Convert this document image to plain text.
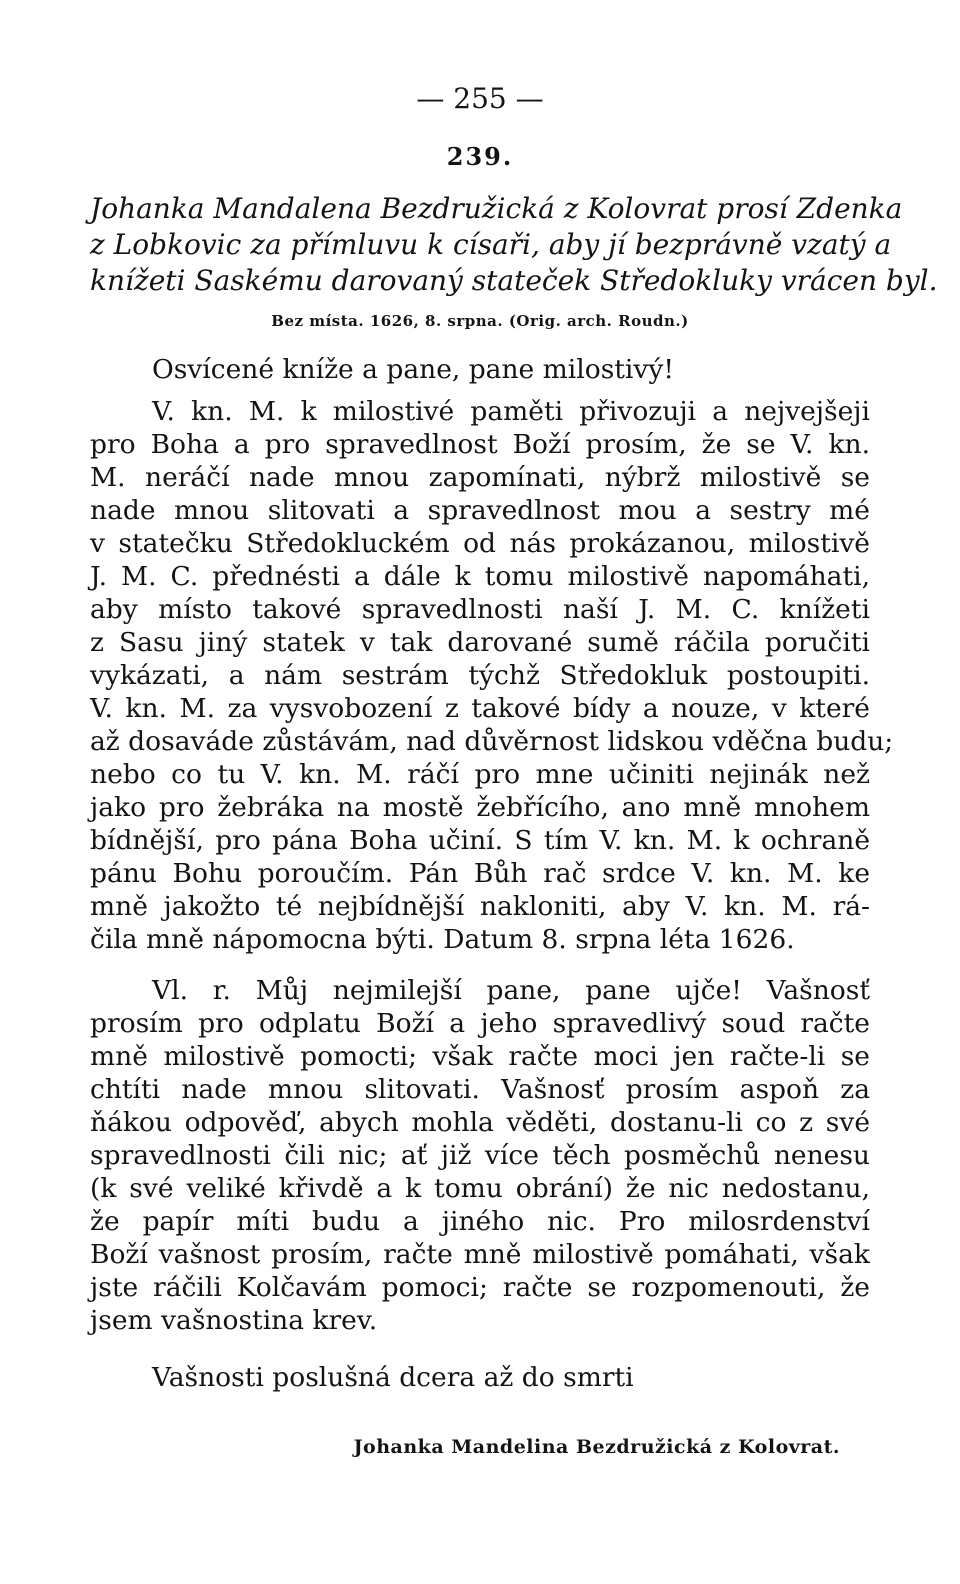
— 255 —
239.
Johanka Mandalena Bezdružická z Kolovrat prosí Zdenka
z Lobkovic za přímluvu k císaři, aby jí bezprávně vzatý a
knížeti Saskému darovaný stateček Středokluky vrácen byl.
Bez místa. 1626, 8. srpna. (Orig. arch. Roudn.)
Osvícené kníže a pane, pane milostivý!
V. kn. M. k milostivé paměti přivozuji a nejvejšeji
pro Boha a pro spravedlnost Boží prosím, že se V. kn.
M. neráčí nade mnou zapomínati, nýbrž milostivě se
nade mnou slitovati a spravedlnost mou a sestry mé
v statečku Středokluckém od nás prokázanou, milostivě
J. M. C. přednésti a dále k tomu milostivě napomáhati,
aby místo takové spravedlnosti naší J. M. C. knížeti
z Sasu jiný statek v tak darované sumě ráčila poručiti
vykázati, a nám sestrám týchž Středokluk postoupiti.
V. kn. M. za vysvobození z takové bídy a nouze, v které
až dosaváde zůstávám, nad důvěrnost lidskou vděčna budu;
nebo co tu V. kn. M. ráčí pro mne učiniti nejinák než
jako pro žebráka na mostě žebřícího, ano mně mnohem
bídnější, pro pána Boha učiní. S tím V. kn. M. k ochraně
pánu Bohu poroučím. Pán Bůh rač srdce V. kn. M. ke
mně jakožto té nejbídnější nakloniti, aby V. kn. M. rá-
čila mně nápomocna býti. Datum 8. srpna léta 1626.
Vl. r. Můj nejmilejší pane, pane ujče! Vašnosť
prosím pro odplatu Boží a jeho spravedlivý soud račte
mně milostivě pomocti; však račte moci jen račte-li se
chtíti nade mnou slitovati. Vašnosť prosím aspoň za
ňákou odpověď, abych mohla věděti, dostanu-li co z své
spravedlnosti čili nic; ať již více těch posměchů nenesu
(k své veliké křivdě a k tomu obrání) že nic nedostanu,
že papír míti budu a jiného nic. Pro milosrdenství
Boží vašnost prosím, račte mně milostivě pomáhati, však
jste ráčili Kolčavám pomoci; račte se rozpomenouti, že
jsem vašnostina krev.
Vašnosti poslušná dcera až do smrti
Johanka Mandelina Bezdružická z Kolovrat.
